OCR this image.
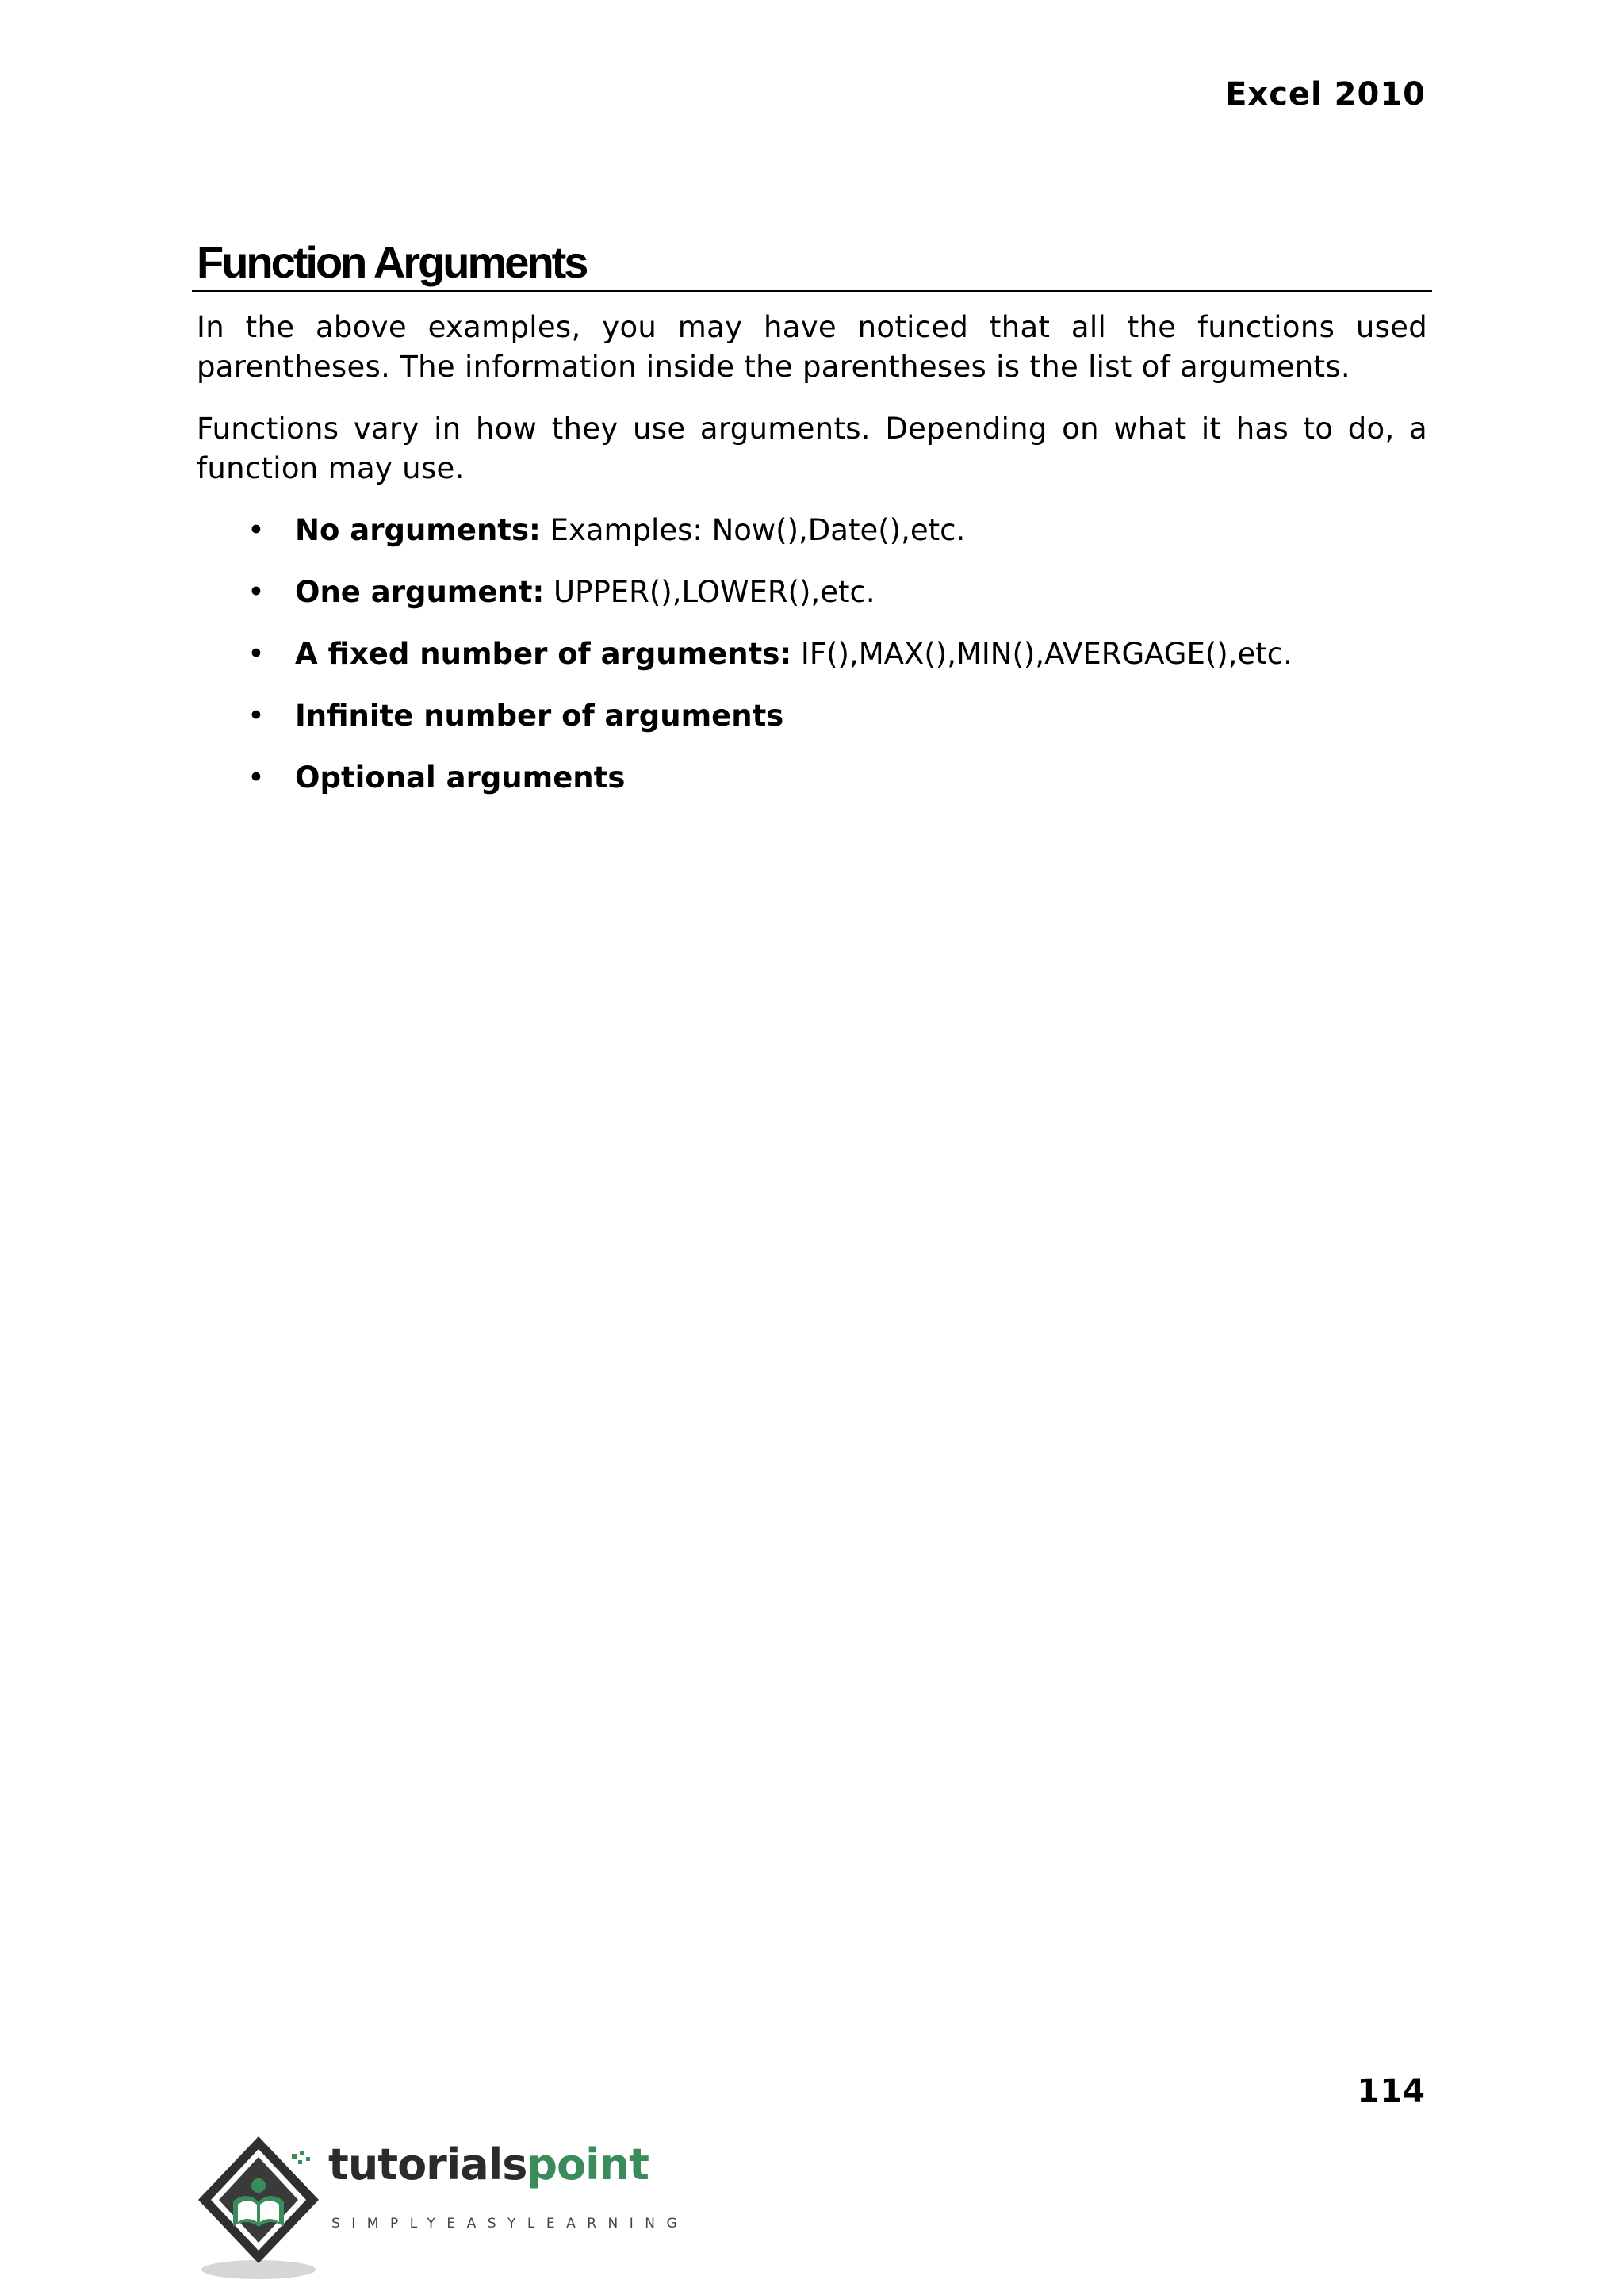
Excel 2010
Function Arguments

In the above examples, you may have noticed that all the functions used parentheses. The information inside the parentheses is the list of arguments.

Functions vary in how they use arguments. Depending on what it has to do, a function may use.

• No arguments: Examples: Now(),Date(),etc.
• One argument: UPPER(),LOWER(),etc.
• A fixed number of arguments: IF(),MAX(),MIN(),AVERGAGE(),etc.
• Infinite number of arguments
• Optional arguments
114
tutorialspoint
SIMPLYEASYLEARNING
